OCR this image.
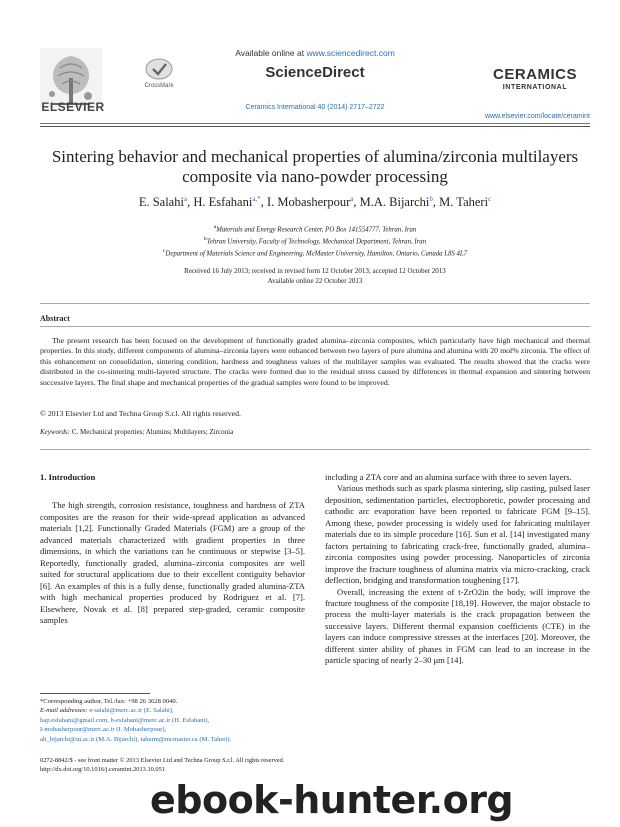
ELSEVIER
CrossMark
Available online at www.sciencedirect.com
ScienceDirect
Ceramics International 40 (2014) 2717–2722
CERAMICS
INTERNATIONAL
www.elsevier.com/locate/ceramint
Sintering behavior and mechanical properties of alumina/zirconia multilayers composite via nano-powder processing
E. Salahi$^a$, H. Esfahani$^{a,*}$, I. Mobasherpour$^a$, M.A. Bijarchi$^b$, M. Taheri$^c$
$^a$Materials and Energy Research Center, PO Box 141554777, Tehran, Iran
$^b$Tehran University, Faculty of Technology, Mechanical Department, Tehran, Iran
$^c$Department of Materials Science and Engineering, McMaster University, Hamilton, Ontario, Canada L8S 4L7
Received 16 July 2013; received in revised form 12 October 2013; accepted 12 October 2013
Available online 22 October 2013
Abstract
The present research has been focused on the development of functionally graded alumina–zirconia composites, which particularly have high mechanical and thermal properties. In this study, different components of alumina–zirconia layers were enhanced between two layers of pure alumina and alumina with 20 mol% zirconia. The effect of this enhancement on consolidation, sintering condition, hardness and toughness values of the multilayer samples was evaluated. The results showed that the cracks were distributed in the co-sintering multi-layered structure. The cracks were formed due to the residual stress caused by differences in thermal expansion and sintering between successive layers. The final shape and mechanical properties of the gradual samples were found to be improved.
© 2013 Elsevier Ltd and Techna Group S.r.l. All rights reserved.
Keywords: C. Mechanical properties; Alumins; Multilayers; Zirconia

1. Introduction

The high strength, corrosion resistance, toughness and hardness of ZTA composites are the reason for their wide-spread application as advanced materials [1,2]. Functionally Graded Materials (FGM) are a group of the advanced materials characterized with gradient properties in three dimensions, in which the variations can be continuous or stepwise [3–5]. Reportedly, functionally graded, alumina–zirconia composites are well suited for structural applications due to their excellent contiguity behavior [6]. An examples of this is a fully dense, functionally graded alumina-ZTA with high mechanical properties produced by Rodriguez et al. [7]. Elsewhere, Novak et al. [8] prepared step-graded, ceramic composite samples

including a ZTA core and an alumina surface with three to seven layers.

Various methods such as spark plasma sintering, slip casting, pulsed laser deposition, sedimentation particles, electrophoretic, powder processing and cathodic arc evaporation have been reported to fabricate FGM [9–15]. Among these, powder processing is widely used for fabricating multilayer materials due to its simple procedure [16]. Sun et al. [14] investigated many factors pertaining to fabricating crack-free, functionally graded, alumina–zirconia composites using powder processing. Nanoparticles of zirconia improve the fracture toughness of alumina matrix via micro-cracking, crack deflection, bridging and transformation toughening [17].

Overall, increasing the extent of t-ZrO2in the body, will improve the fracture toughness of the composite [18,19]. However, the major obstacle to process the multi-layer materials is the crack propagation between the successive layers. Different thermal expansion coefficients (CTE) in the layers can induce compressive stresses at the interfaces [20]. Moreover, the different sinter ability of phases in FGM can lead to an increase in the particle spacing of nearly 2–30 μm [14].

*Corresponding author. Tel./fax: +98 26 3628 0040.
E-mail addresses: e-salahi@merc.ac.ir (E. Salahi),
hap.esfahani@gmail.com, h-esfahani@merc.ac.ir (H. Esfahani),
I-mobasherpour@merc.ac.ir (I. Mobasherpour),
ali_bijarchi@ut.ac.ir (M.A. Bijarchi), taherm@mcmaster.ca (M. Taheri).
0272-8842/$ - see front matter © 2013 Elsevier Ltd and Techna Group S.r.l. All rights reserved.
http://dx.doi.org/10.1016/j.ceramint.2013.10.051
ebook-hunter.org
